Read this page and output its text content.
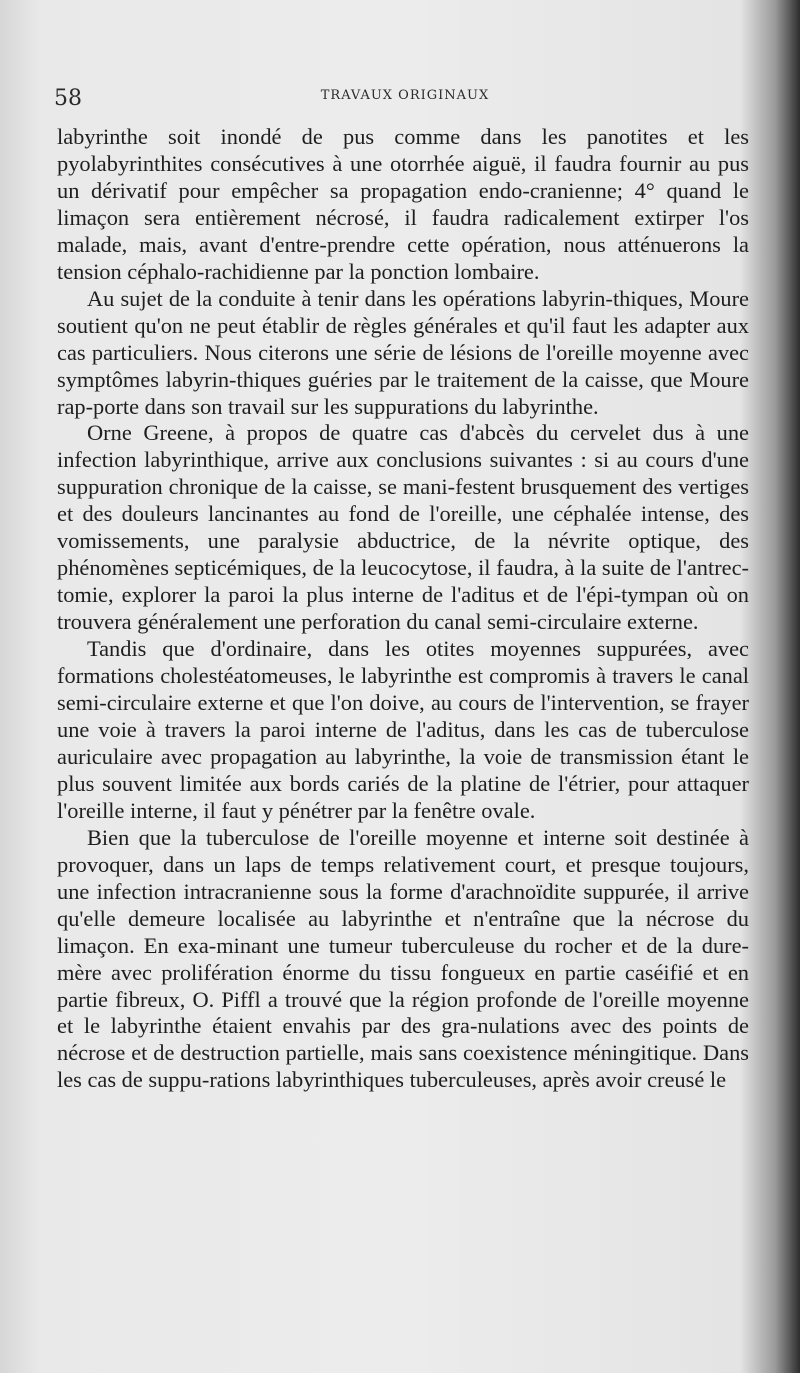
58	TRAVAUX ORIGINAUX

labyrinthe soit inondé de pus comme dans les panotites et les pyolabyrinthites consécutives à une otorrhée aiguë, il faudra fournir au pus un dérivatif pour empêcher sa propagation endo-cranienne; 4° quand le limaçon sera entièrement nécrosé, il faudra radicalement extirper l'os malade, mais, avant d'entre-prendre cette opération, nous atténuerons la tension céphalo-rachidienne par la ponction lombaire.

Au sujet de la conduite à tenir dans les opérations labyrin-thiques, Moure soutient qu'on ne peut établir de règles générales et qu'il faut les adapter aux cas particuliers. Nous citerons une série de lésions de l'oreille moyenne avec symptômes labyrin-thiques guéries par le traitement de la caisse, que Moure rap-porte dans son travail sur les suppurations du labyrinthe.

Orne Greene, à propos de quatre cas d'abcès du cervelet dus à une infection labyrinthique, arrive aux conclusions suivantes : si au cours d'une suppuration chronique de la caisse, se mani-festent brusquement des vertiges et des douleurs lancinantes au fond de l'oreille, une céphalée intense, des vomissements, une paralysie abductrice, de la névrite optique, des phénomènes septicémiques, de la leucocytose, il faudra, à la suite de l'antrec-tomie, explorer la paroi la plus interne de l'aditus et de l'épi-tympan où on trouvera généralement une perforation du canal semi-circulaire externe.

Tandis que d'ordinaire, dans les otites moyennes suppurées, avec formations cholestéatomeuses, le labyrinthe est compromis à travers le canal semi-circulaire externe et que l'on doive, au cours de l'intervention, se frayer une voie à travers la paroi interne de l'aditus, dans les cas de tuberculose auriculaire avec propagation au labyrinthe, la voie de transmission étant le plus souvent limitée aux bords cariés de la platine de l'étrier, pour attaquer l'oreille interne, il faut y pénétrer par la fenêtre ovale.

Bien que la tuberculose de l'oreille moyenne et interne soit destinée à provoquer, dans un laps de temps relativement court, et presque toujours, une infection intracranienne sous la forme d'arachnoïdite suppurée, il arrive qu'elle demeure localisée au labyrinthe et n'entraîne que la nécrose du limaçon. En exa-minant une tumeur tuberculeuse du rocher et de la dure-mère avec prolifération énorme du tissu fongueux en partie caséifié et en partie fibreux, O. Piffl a trouvé que la région profonde de l'oreille moyenne et le labyrinthe étaient envahis par des gra-nulations avec des points de nécrose et de destruction partielle, mais sans coexistence méningitique. Dans les cas de suppu-rations labyrinthiques tuberculeuses, après avoir creusé le
